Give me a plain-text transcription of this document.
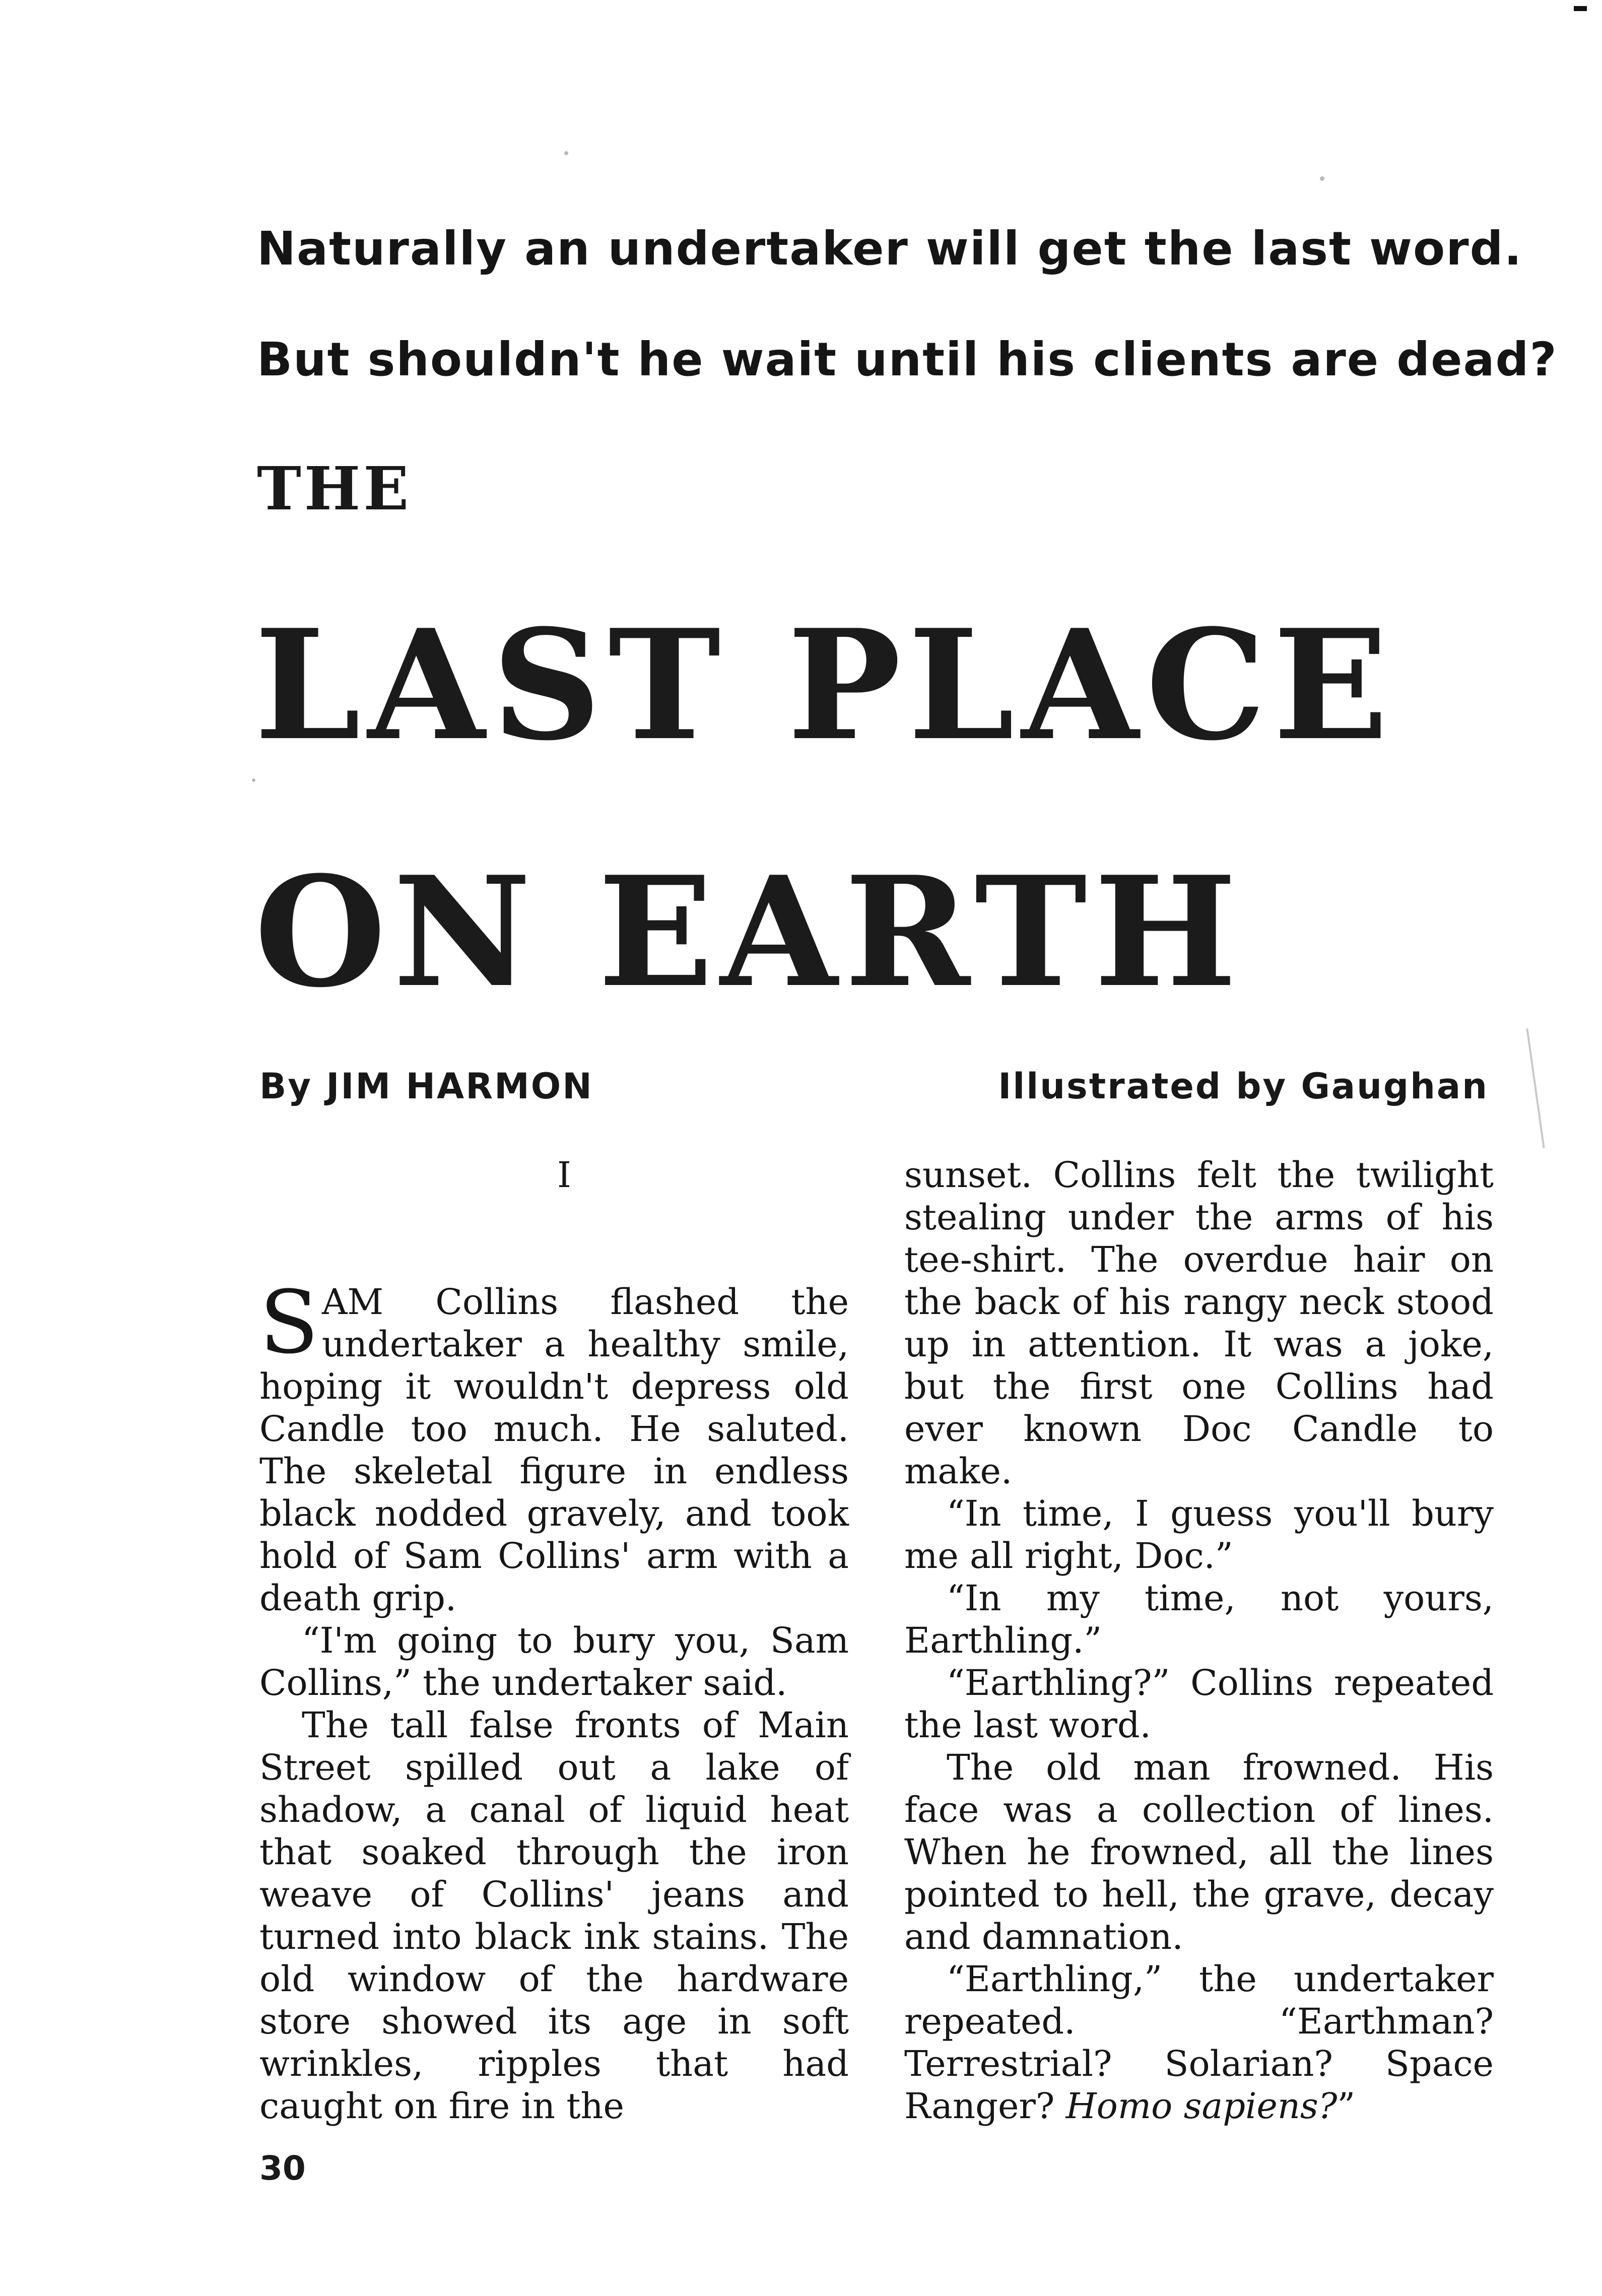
Naturally an undertaker will get the last word.
But shouldn't he wait until his clients are dead?
THE
LAST PLACE
ON EARTH
By JIM HARMON	Illustrated by Gaughan
I

SAM Collins flashed the undertaker a healthy smile, hoping it wouldn't depress old Candle too much. He saluted. The skeletal figure in endless black nodded gravely, and took hold of Sam Collins' arm with a death grip.

“I'm going to bury you, Sam Collins,” the undertaker said.

The tall false fronts of Main Street spilled out a lake of shadow, a canal of liquid heat that soaked through the iron weave of Collins' jeans and turned into black ink stains. The old window of the hardware store showed its age in soft wrinkles, ripples that had caught on fire in the

sunset. Collins felt the twilight stealing under the arms of his tee-shirt. The overdue hair on the back of his rangy neck stood up in attention. It was a joke, but the first one Collins had ever known Doc Candle to make.

“In time, I guess you'll bury me all right, Doc.”

“In my time, not yours, Earthling.”

“Earthling?” Collins repeated the last word.

The old man frowned. His face was a collection of lines. When he frowned, all the lines pointed to hell, the grave, decay and damnation.

“Earthling,” the undertaker repeated. “Earthman? Terrestrial? Solarian? Space Ranger? Homo sapiens?”

30
